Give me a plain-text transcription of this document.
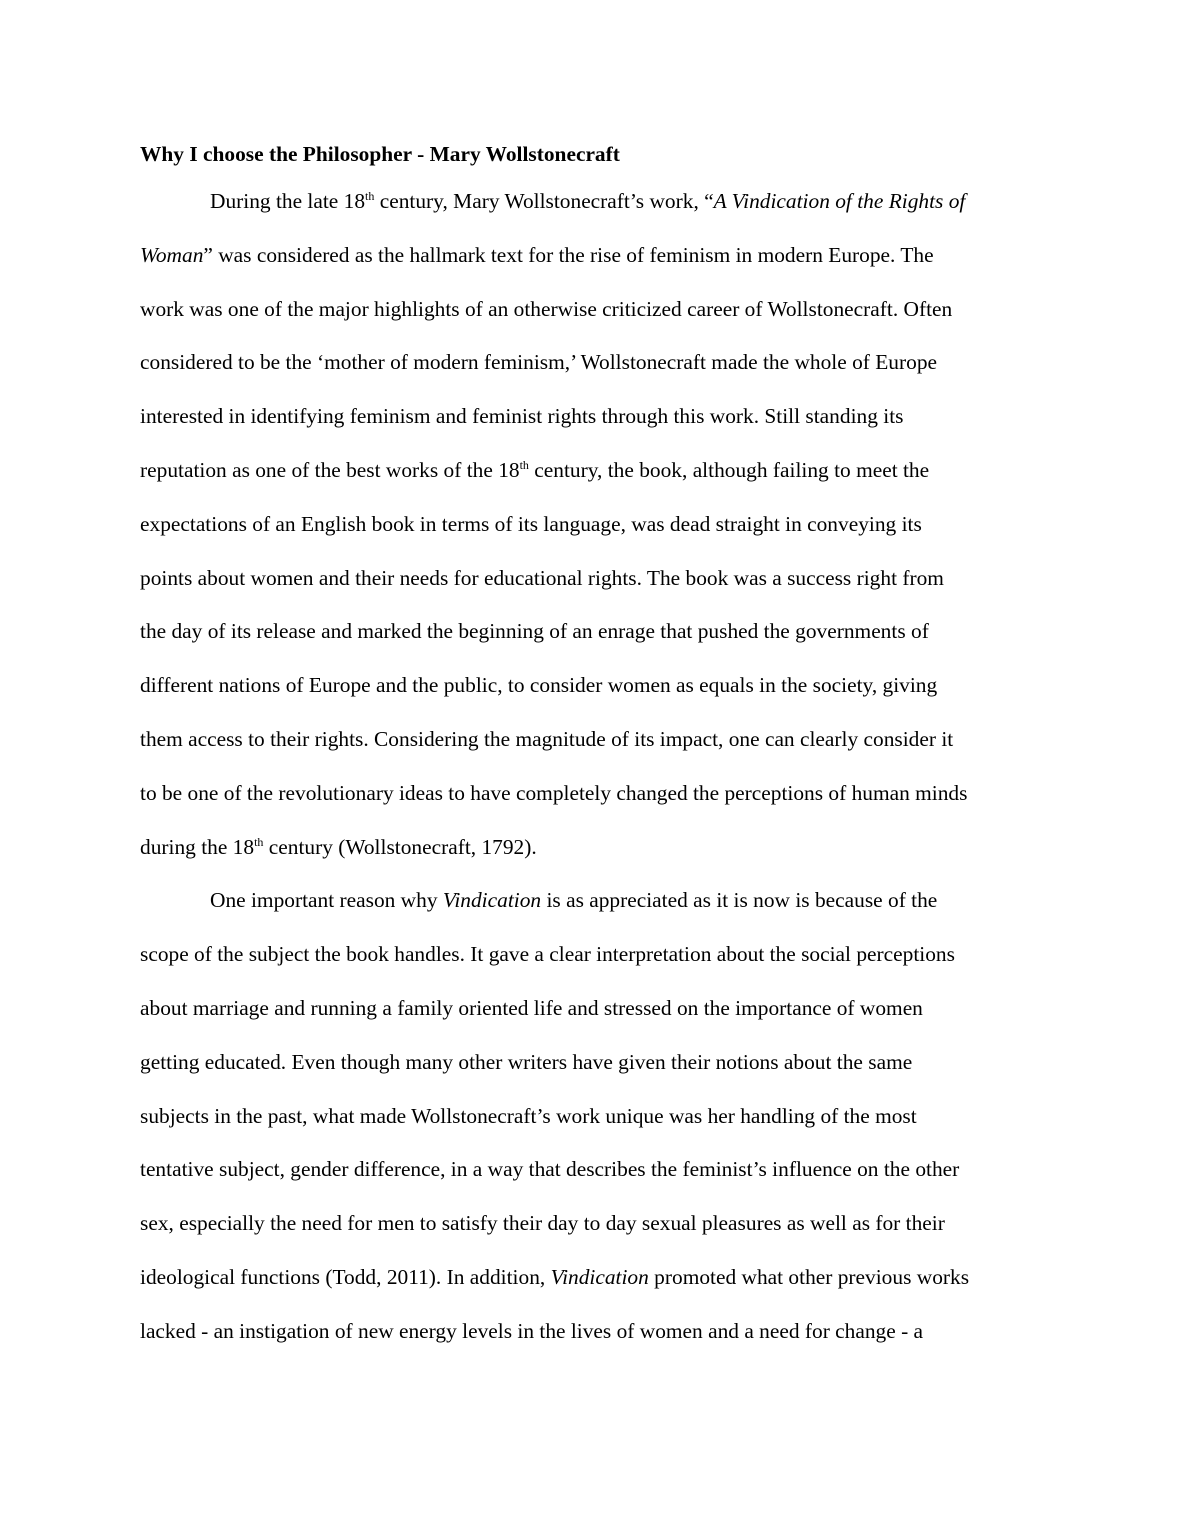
Why I choose the Philosopher - Mary Wollstonecraft

During the late 18th century, Mary Wollstonecraft’s work, “A Vindication of the Rights of
Woman” was considered as the hallmark text for the rise of feminism in modern Europe. The
work was one of the major highlights of an otherwise criticized career of Wollstonecraft. Often
considered to be the ‘mother of modern feminism,’ Wollstonecraft made the whole of Europe
interested in identifying feminism and feminist rights through this work. Still standing its
reputation as one of the best works of the 18th century, the book, although failing to meet the
expectations of an English book in terms of its language, was dead straight in conveying its
points about women and their needs for educational rights. The book was a success right from
the day of its release and marked the beginning of an enrage that pushed the governments of
different nations of Europe and the public, to consider women as equals in the society, giving
them access to their rights. Considering the magnitude of its impact, one can clearly consider it
to be one of the revolutionary ideas to have completely changed the perceptions of human minds
during the 18th century (Wollstonecraft, 1792).

One important reason why Vindication is as appreciated as it is now is because of the
scope of the subject the book handles. It gave a clear interpretation about the social perceptions
about marriage and running a family oriented life and stressed on the importance of women
getting educated. Even though many other writers have given their notions about the same
subjects in the past, what made Wollstonecraft’s work unique was her handling of the most
tentative subject, gender difference, in a way that describes the feminist’s influence on the other
sex, especially the need for men to satisfy their day to day sexual pleasures as well as for their
ideological functions (Todd, 2011). In addition, Vindication promoted what other previous works
lacked - an instigation of new energy levels in the lives of women and a need for change - a
